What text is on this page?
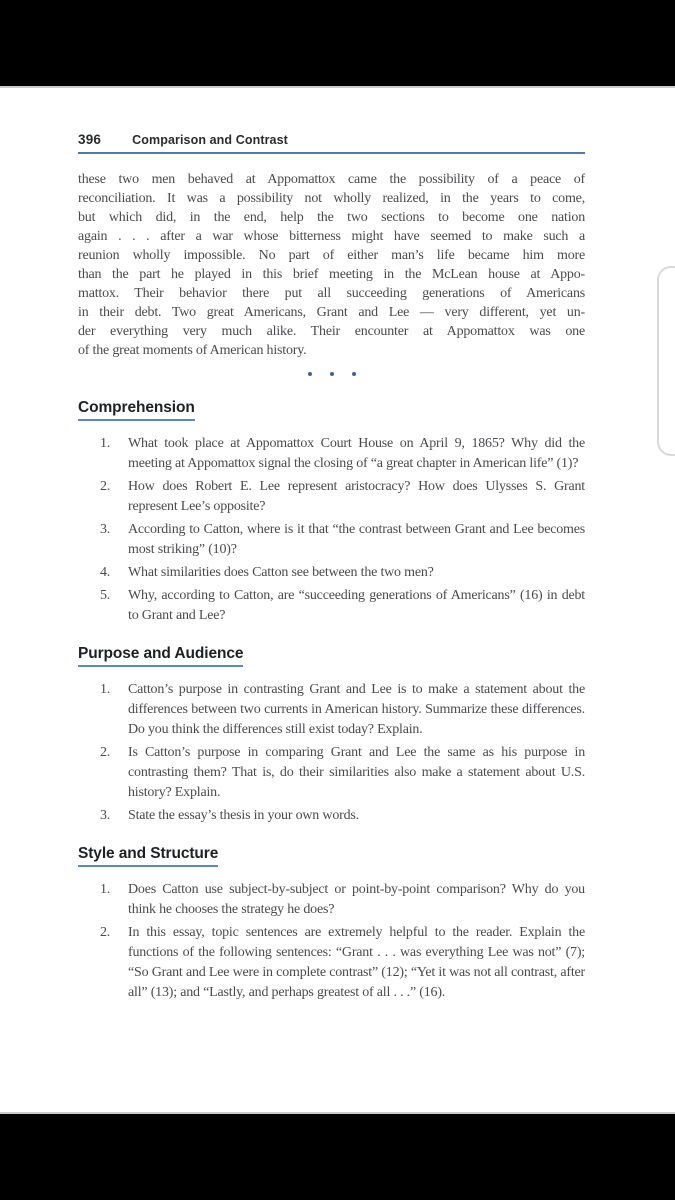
396 Comparison and Contrast
these two men behaved at Appomattox came the possibility of a peace of
reconciliation. It was a possibility not wholly realized, in the years to come,
but which did, in the end, help the two sections to become one nation
again . . . after a war whose bitterness might have seemed to make such a
reunion wholly impossible. No part of either man’s life became him more
than the part he played in this brief meeting in the McLean house at Appo-
mattox. Their behavior there put all succeeding generations of Americans
in their debt. Two great Americans, Grant and Lee — very different, yet un-
der everything very much alike. Their encounter at Appomattox was one
of the great moments of American history.
Comprehension
1.	What took place at Appomattox Court House on April 9, 1865? Why did the meeting at Appomattox signal the closing of “a great chapter in American life” (1)?
2.	How does Robert E. Lee represent aristocracy? How does Ulysses S. Grant represent Lee’s opposite?
3.	According to Catton, where is it that “the contrast between Grant and Lee becomes most striking” (10)?
4.	What similarities does Catton see between the two men?
5.	Why, according to Catton, are “succeeding generations of Americans” (16) in debt to Grant and Lee?
Purpose and Audience
1.	Catton’s purpose in contrasting Grant and Lee is to make a statement about the differences between two currents in American history. Summarize these differences. Do you think the differences still exist today? Explain.
2.	Is Catton’s purpose in comparing Grant and Lee the same as his purpose in contrasting them? That is, do their similarities also make a statement about U.S. history? Explain.
3.	State the essay’s thesis in your own words.
Style and Structure
1.	Does Catton use subject-by-subject or point-by-point comparison? Why do you think he chooses the strategy he does?
2.	In this essay, topic sentences are extremely helpful to the reader. Explain the functions of the following sentences: “Grant . . . was everything Lee was not” (7); “So Grant and Lee were in complete contrast” (12); “Yet it was not all contrast, after all” (13); and “Lastly, and perhaps greatest of all . . .” (16).
